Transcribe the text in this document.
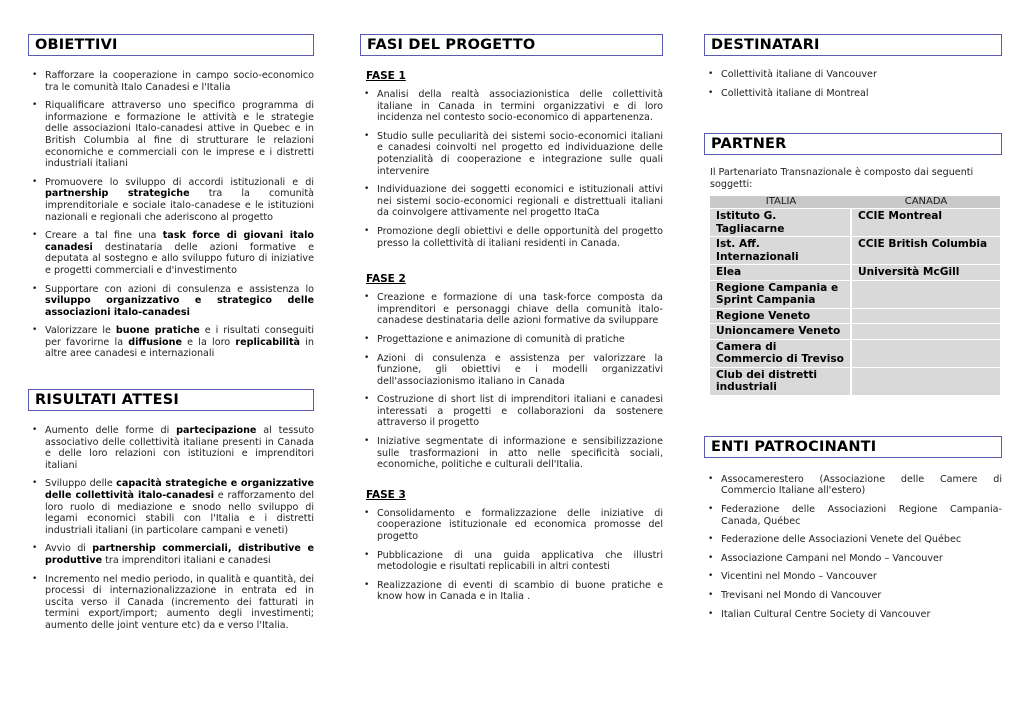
OBIETTIVI
• Rafforzare la cooperazione in campo socio-economico tra le comunità Italo Canadesi e l'Italia
• Riqualificare attraverso uno specifico programma di informazione e formazione le attività e le strategie delle associazioni Italo-canadesi attive in Quebec e in British Columbia al fine di strutturare le relazioni economiche e commerciali con le imprese e i distretti industriali italiani
• Promuovere lo sviluppo di accordi istituzionali e di partnership strategiche tra la comunità imprenditoriale e sociale italo-canadese e le istituzioni nazionali e regionali che aderiscono al progetto
• Creare a tal fine una task force di giovani italo canadesi destinataria delle azioni formative e deputata al sostegno e allo sviluppo futuro di iniziative e progetti commerciali e d'investimento
• Supportare con azioni di consulenza e assistenza lo sviluppo organizzativo e strategico delle associazioni italo-canadesi
• Valorizzare le buone pratiche e i risultati conseguiti per favorirne la diffusione e la loro replicabilità in altre aree canadesi e internazionali
RISULTATI ATTESI
• Aumento delle forme di partecipazione al tessuto associativo delle collettività italiane presenti in Canada e delle loro relazioni con istituzioni e imprenditori italiani
• Sviluppo delle capacità strategiche e organizzative delle collettività italo-canadesi e rafforzamento del loro ruolo di mediazione e snodo nello sviluppo di legami economici stabili con l'Italia e i distretti industriali italiani (in particolare campani e veneti)
• Avvio di partnership commerciali, distributive e produttive tra imprenditori italiani e canadesi
• Incremento nel medio periodo, in qualità e quantità, dei processi di internazionalizzazione in entrata ed in uscita verso il Canada (incremento dei fatturati in termini export/import; aumento degli investimenti; aumento delle joint venture etc) da e verso l'Italia.
FASI DEL PROGETTO
FASE 1
• Analisi della realtà associazionistica delle collettività italiane in Canada in termini organizzativi e di loro incidenza nel contesto socio-economico di appartenenza.
• Studio sulle peculiarità dei sistemi socio-economici italiani e canadesi coinvolti nel progetto ed individuazione delle potenzialità di cooperazione e integrazione sulle quali intervenire
• Individuazione dei soggetti economici e istituzionali attivi nei sistemi socio-economici regionali e distrettuali italiani da coinvolgere attivamente nel progetto ItaCa
• Promozione degli obiettivi e delle opportunità del progetto presso la collettività di italiani residenti in Canada.
FASE 2
• Creazione e formazione di una task-force composta da imprenditori e personaggi chiave della comunità italo-canadese destinataria delle azioni formative da sviluppare
• Progettazione e animazione di comunità di pratiche
• Azioni di consulenza e assistenza per valorizzare la funzione, gli obiettivi e i modelli organizzativi dell'associazionismo italiano in Canada
• Costruzione di short list di imprenditori italiani e canadesi interessati a progetti e collaborazioni da sostenere attraverso il progetto
• Iniziative segmentate di informazione e sensibilizzazione sulle trasformazioni in atto nelle specificità sociali, economiche, politiche e culturali dell'Italia.
FASE 3
• Consolidamento e formalizzazione delle iniziative di cooperazione istituzionale ed economica promosse del progetto
• Pubblicazione di una guida applicativa che illustri metodologie e risultati replicabili in altri contesti
• Realizzazione di eventi di scambio di buone pratiche e know how in Canada e in Italia .
DESTINATARI
• Collettività italiane di Vancouver
• Collettività italiane di Montreal
PARTNER
Il Partenariato Transnazionale è composto dai seguenti soggetti:
ITALIA	CANADA
Istituto G. Tagliacarne	CCIE Montreal
Ist. Aff. Internazionali	CCIE British Columbia
Elea	Università McGill
Regione Campania e Sprint Campania	
Regione Veneto	
Unioncamere Veneto	
Camera di Commercio di Treviso	
Club dei distretti industriali	
ENTI PATROCINANTI
• Assocamerestero (Associazione delle Camere di Commercio Italiane all'estero)
• Federazione delle Associazioni Regione Campania-Canada, Québec
• Federazione delle Associazioni Venete del Québec
• Associazione Campani nel Mondo – Vancouver
• Vicentini nel Mondo – Vancouver
• Trevisani nel Mondo di Vancouver
• Italian Cultural Centre Society di Vancouver
